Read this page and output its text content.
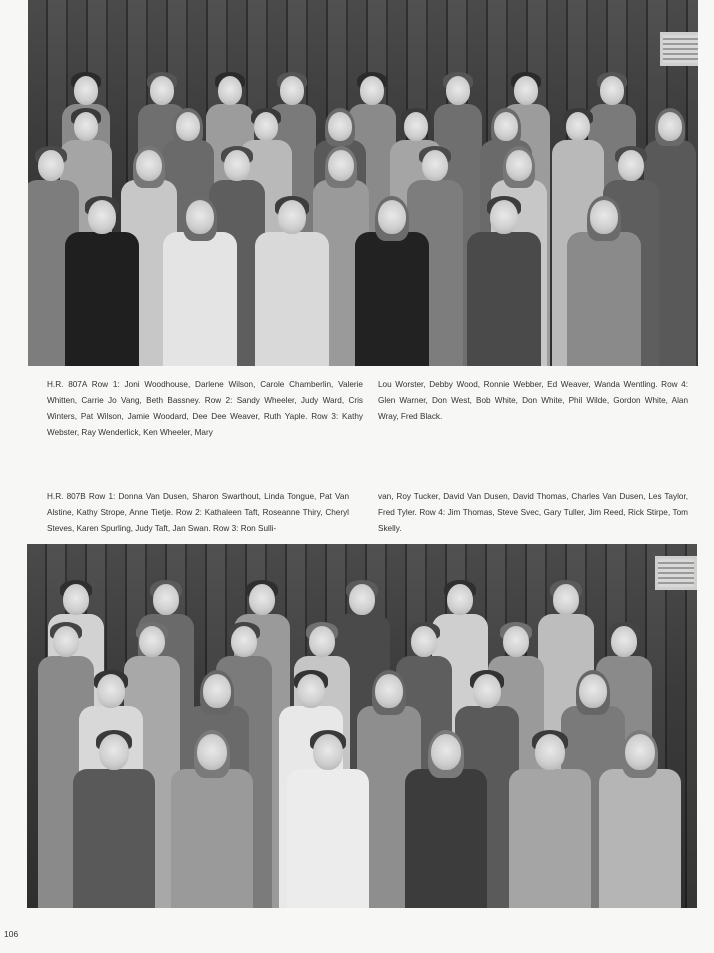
H.R. 807A Row 1: Joni Woodhouse, Darlene Wilson, Carole Chamberlin, Valerie Whitten, Carrie Jo Vang, Beth Bassney. Row 2: Sandy Wheeler, Judy Ward, Cris Winters, Pat Wilson, Jamie Woodard, Dee Dee Weaver, Ruth Yaple. Row 3: Kathy Webster, Ray Wenderlick, Ken Wheeler, Mary
Lou Worster, Debby Wood, Ronnie Webber, Ed Weaver, Wanda Wentling. Row 4: Glen Warner, Don West, Bob White, Don White, Phil Wilde, Gordon White, Alan Wray, Fred Black.
H.R. 807B Row 1: Donna Van Dusen, Sharon Swarthout, Linda Tongue, Pat Van Alstine, Kathy Strope, Anne Tietje. Row 2: Kathaleen Taft, Roseanne Thiry, Cheryl Steves, Karen Spurling, Judy Taft, Jan Swan. Row 3: Ron Sulli-
van, Roy Tucker, David Van Dusen, David Thomas, Charles Van Dusen, Les Taylor, Fred Tyler. Row 4: Jim Thomas, Steve Svec, Gary Tuller, Jim Reed, Rick Stirpe, Tom Skelly.
106
